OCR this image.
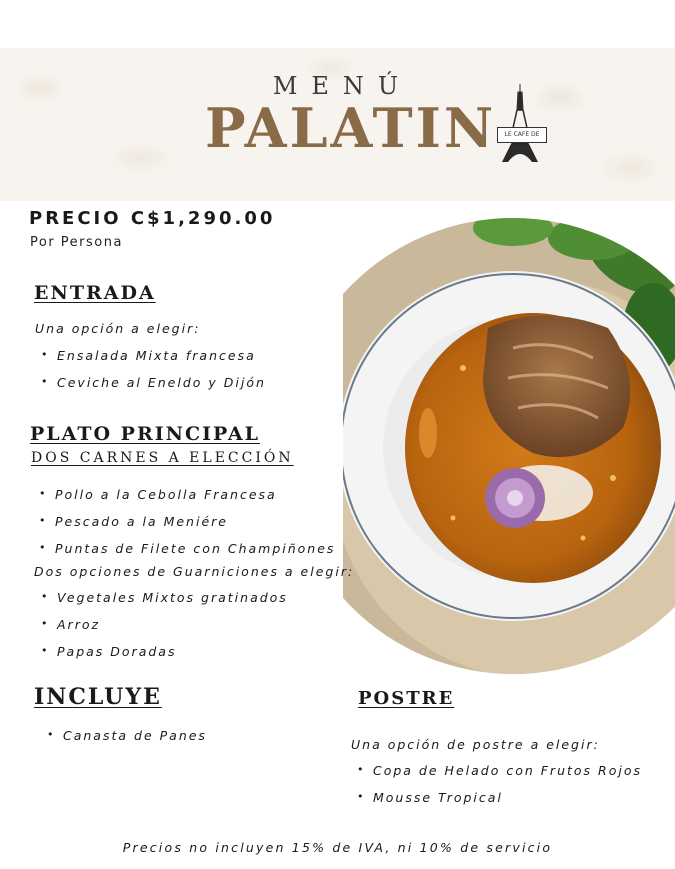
MENÚ
PALATIN	LE CAFE DE PARIS
PRECIO C$1,290.00
Por Persona
ENTRADA
Una opción a elegir:
• Ensalada Mixta francesa
• Ceviche al Eneldo y Dijón
PLATO PRINCIPAL
DOS CARNES A ELECCIÓN
• Pollo a la Cebolla Francesa
• Pescado a la Meniére
• Puntas de Filete con Champiñones
Dos opciones de Guarniciones a elegir:
• Vegetales Mixtos gratinados
• Arroz
• Papas Doradas
INCLUYE
• Canasta de Panes
POSTRE
Una opción de postre a elegir:
• Copa de Helado con Frutos Rojos
• Mousse Tropical
Precios no incluyen 15% de IVA, ni 10% de servicio
